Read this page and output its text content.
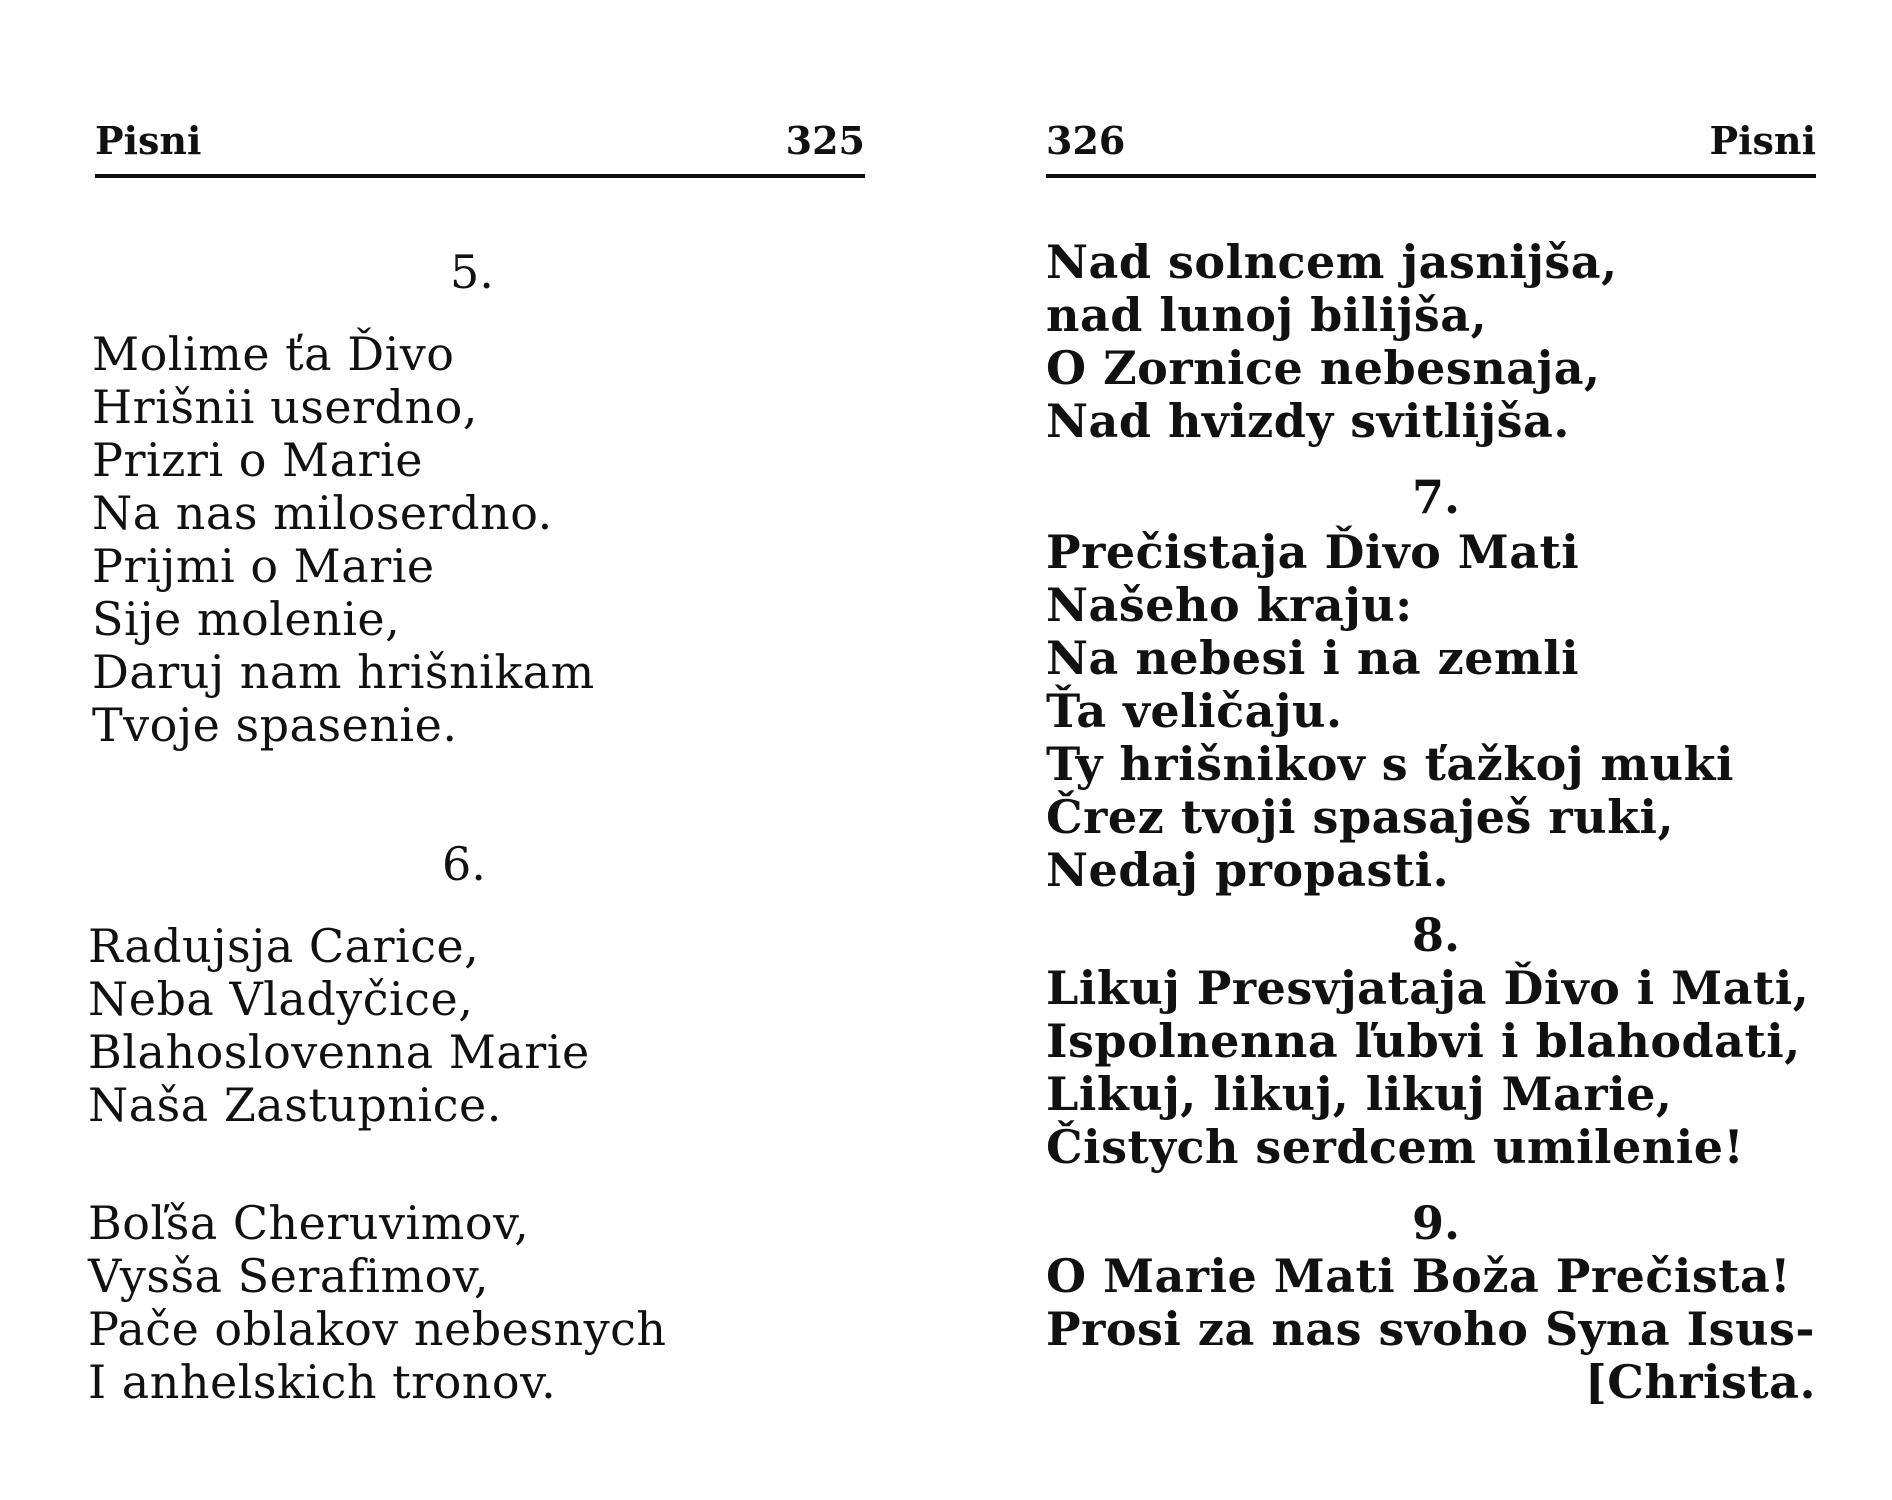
Pisni	325
5.
Molime ťa Ďivo
Hrišnii userdno,
Prizri o Marie
Na nas miloserdno.
Prijmi o Marie
Sije molenie,
Daruj nam hrišnikam
Tvoje spasenie.
6.
Radujsja Carice,
Neba Vladyčice,
Blahoslovenna Marie
Naša Zastupnice.
Boľša Cheruvimov,
Vysša Serafimov,
Pače oblakov nebesnych
I anhelskich tronov.
326	Pisni
Nad solncem jasnijša,
nad lunoj bilijša,
O Zornice nebesnaja,
Nad hvizdy svitlijša.
7.
Prečistaja Ďivo Mati
Našeho kraju:
Na nebesi i na zemli
Ťa veličaju.
Ty hrišnikov s ťažkoj muki
Črez tvoji spasaješ ruki,
Nedaj propasti.
8.
Likuj Presvjataja Ďivo i Mati,
Ispolnenna ľubvi i blahodati,
Likuj, likuj, likuj Marie,
Čistych serdcem umilenie!
9.
O Marie Mati Boža Prečista!
Prosi za nas svoho Syna Isus-
[Christa.
